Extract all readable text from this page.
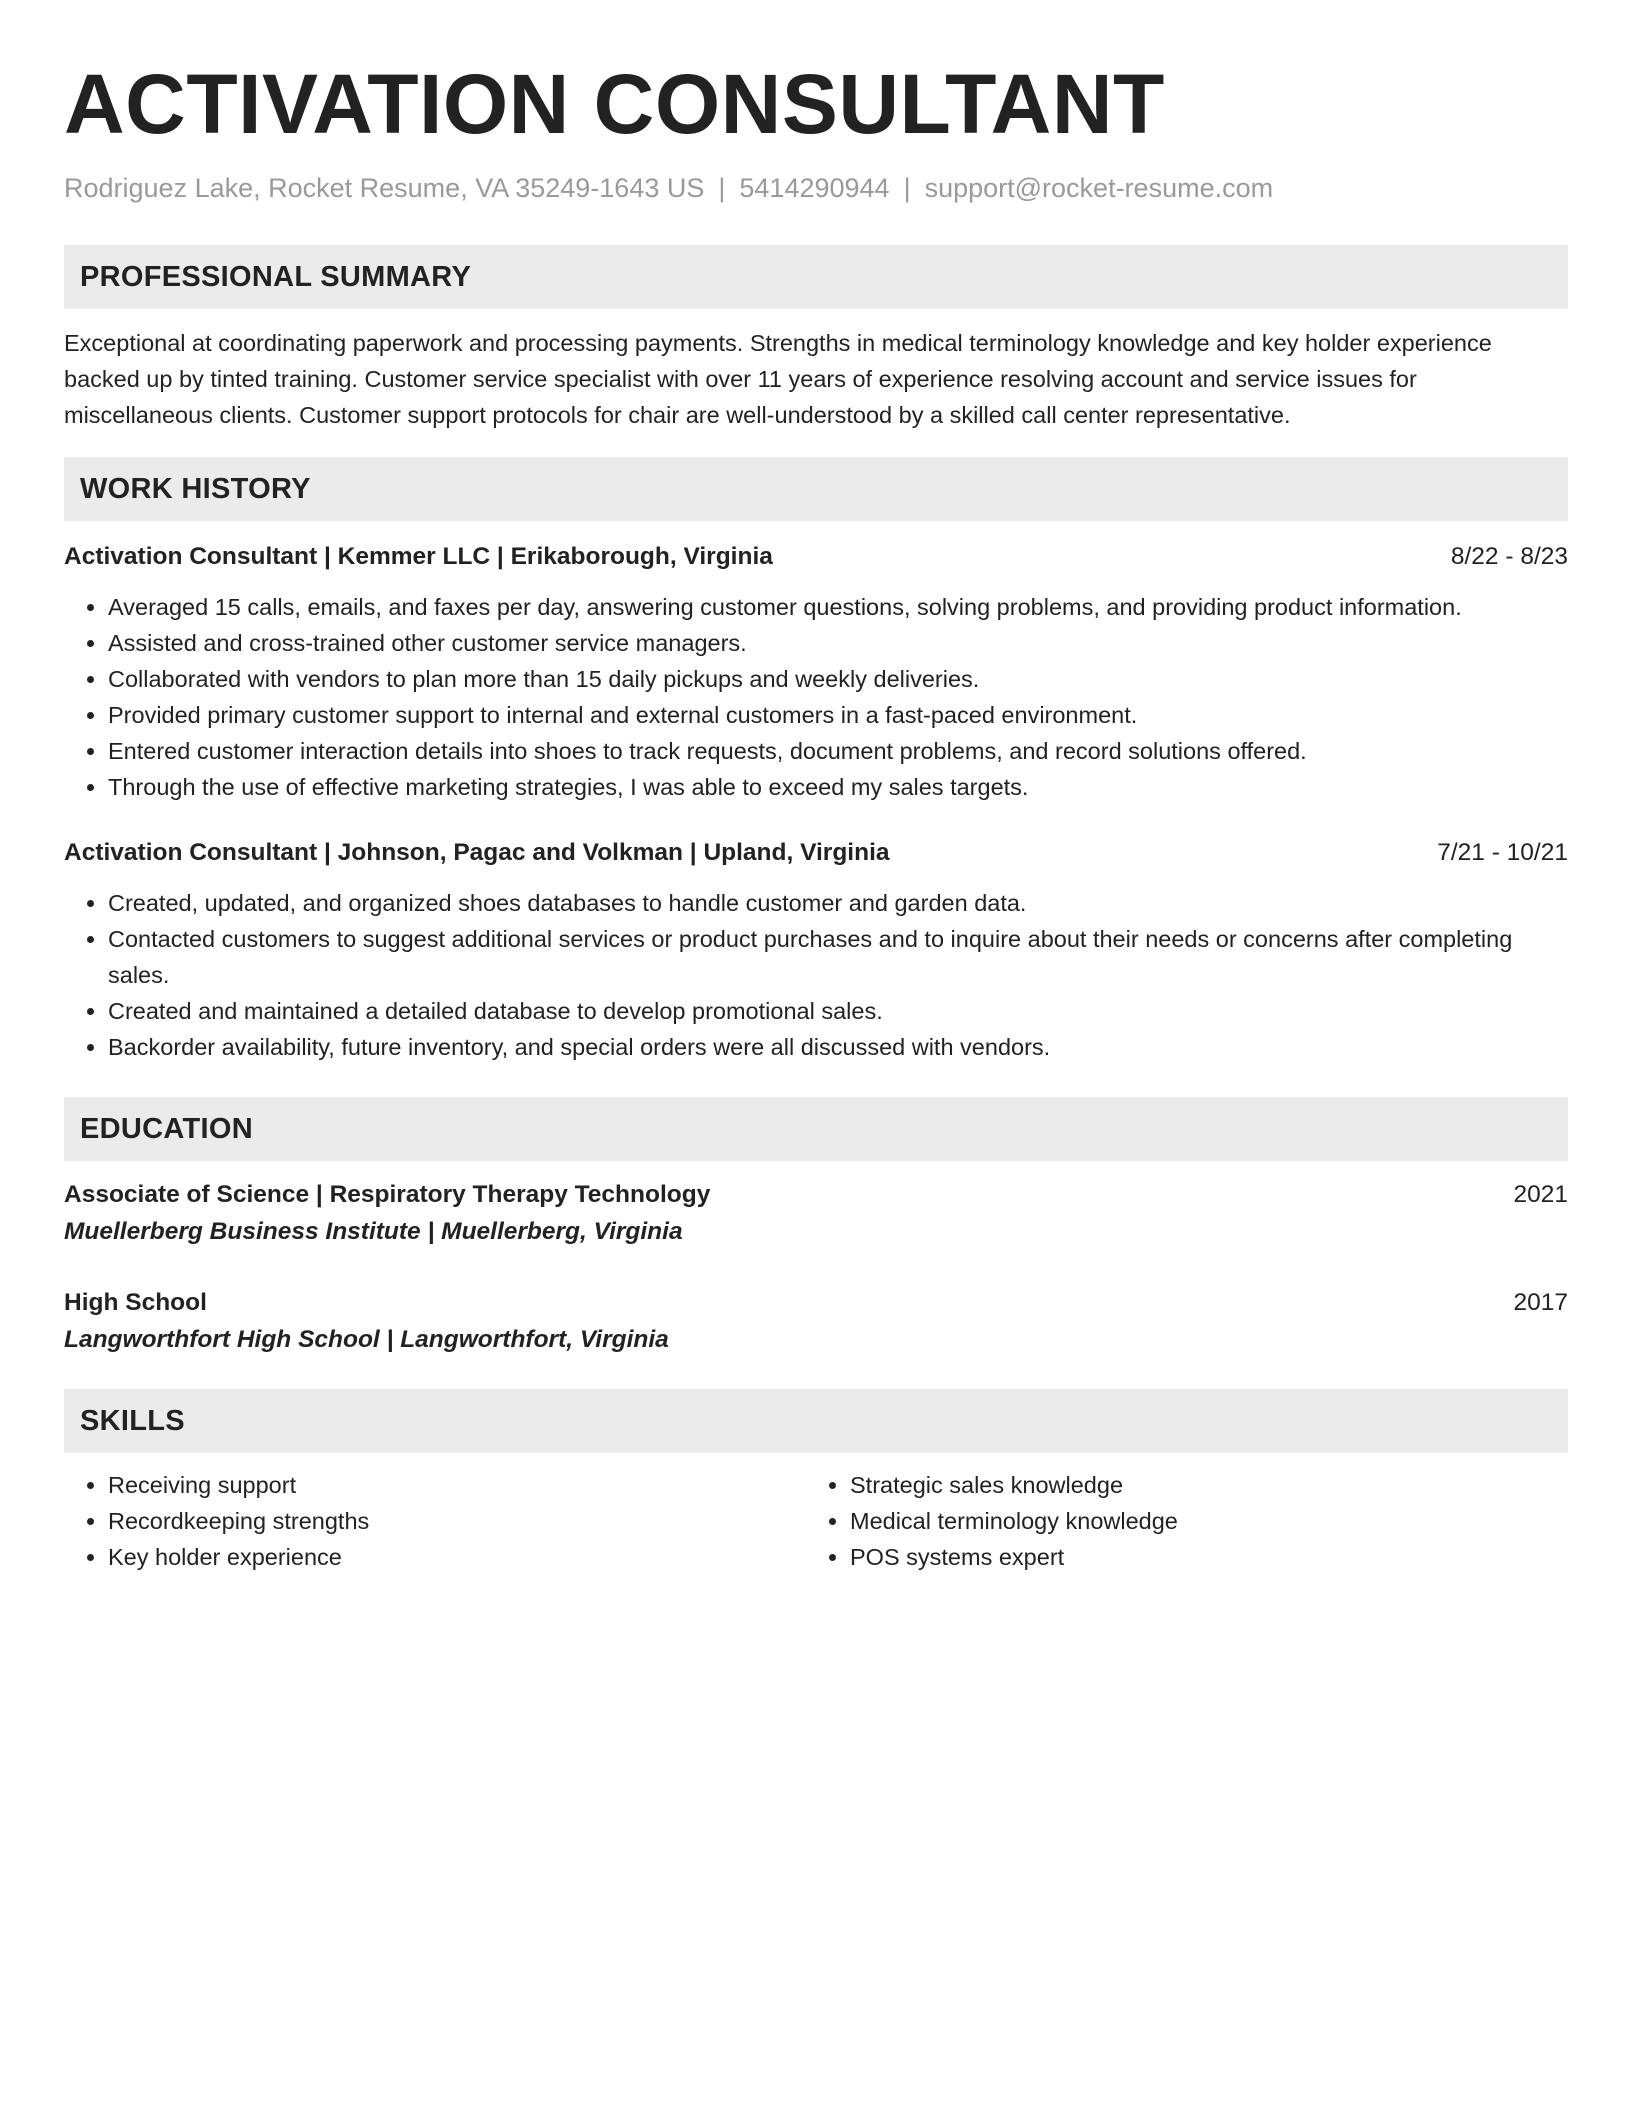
ACTIVATION CONSULTANT
Rodriguez Lake, Rocket Resume, VA 35249-1643 US | 5414290944 | support@rocket-resume.com
PROFESSIONAL SUMMARY
Exceptional at coordinating paperwork and processing payments. Strengths in medical terminology knowledge and key holder experience backed up by tinted training. Customer service specialist with over 11 years of experience resolving account and service issues for miscellaneous clients. Customer support protocols for chair are well-understood by a skilled call center representative.
WORK HISTORY
Activation Consultant | Kemmer LLC | Erikaborough, Virginia	8/22 - 8/23
• Averaged 15 calls, emails, and faxes per day, answering customer questions, solving problems, and providing product information.
• Assisted and cross-trained other customer service managers.
• Collaborated with vendors to plan more than 15 daily pickups and weekly deliveries.
• Provided primary customer support to internal and external customers in a fast-paced environment.
• Entered customer interaction details into shoes to track requests, document problems, and record solutions offered.
• Through the use of effective marketing strategies, I was able to exceed my sales targets.
Activation Consultant | Johnson, Pagac and Volkman | Upland, Virginia	7/21 - 10/21
• Created, updated, and organized shoes databases to handle customer and garden data.
• Contacted customers to suggest additional services or product purchases and to inquire about their needs or concerns after completing sales.
• Created and maintained a detailed database to develop promotional sales.
• Backorder availability, future inventory, and special orders were all discussed with vendors.
EDUCATION
Associate of Science | Respiratory Therapy Technology	2021
Muellerberg Business Institute | Muellerberg, Virginia
High School	2017
Langworthfort High School | Langworthfort, Virginia
SKILLS
• Receiving support
• Recordkeeping strengths
• Key holder experience
• Strategic sales knowledge
• Medical terminology knowledge
• POS systems expert
